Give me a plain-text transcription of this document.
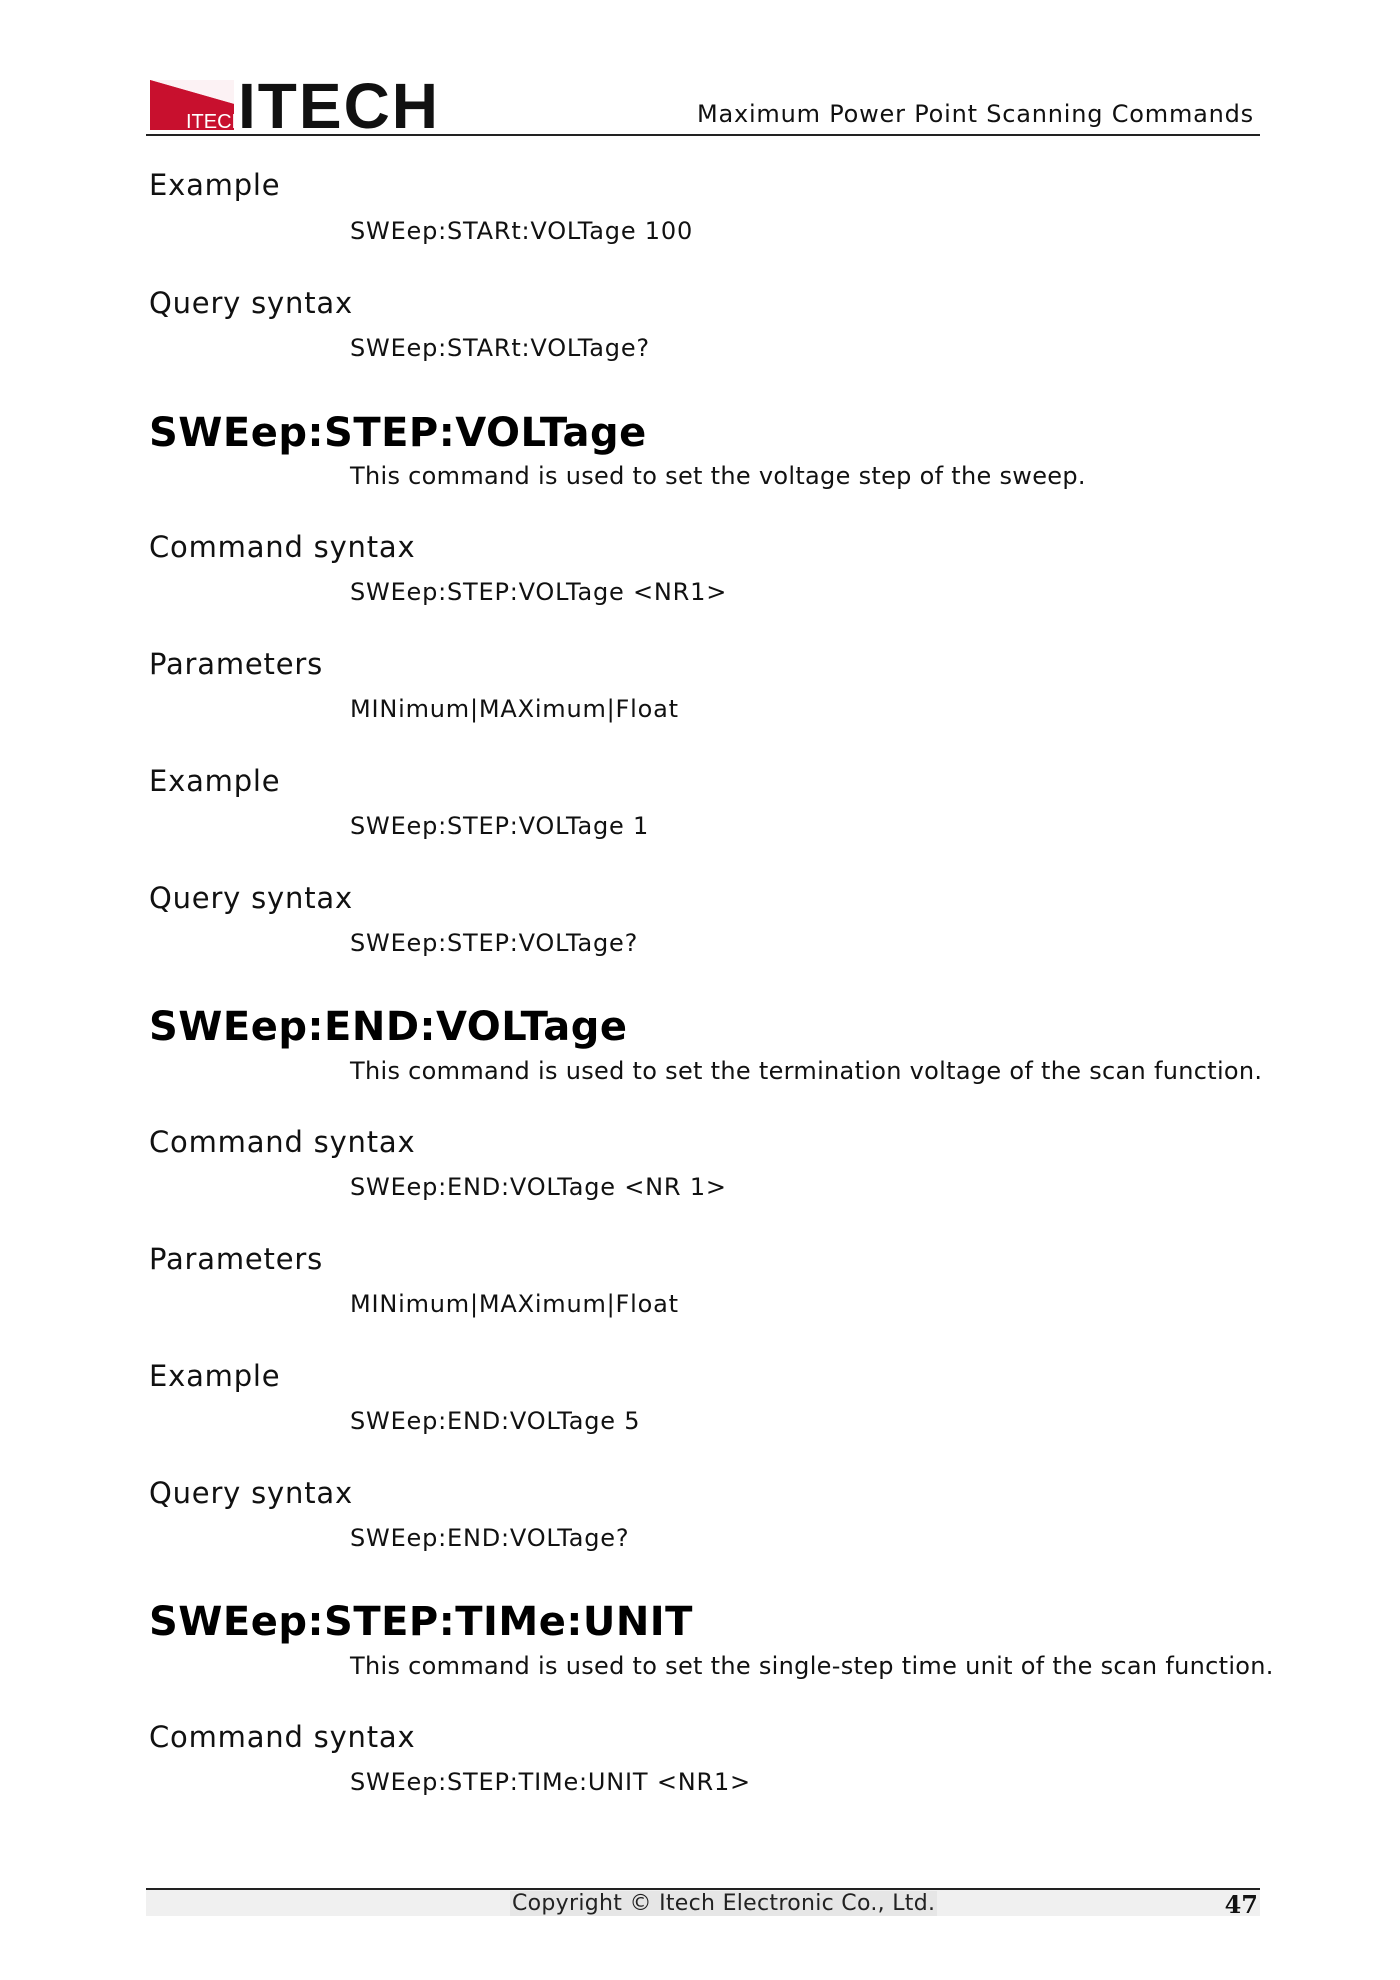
ITECH
ITECH	Maximum Power Point Scanning Commands
Example
SWEep:STARt:VOLTage 100
Query syntax
SWEep:STARt:VOLTage?
SWEep:STEP:VOLTage
This command is used to set the voltage step of the sweep.
Command syntax
SWEep:STEP:VOLTage <NR1>
Parameters
MINimum|MAXimum|Float
Example
SWEep:STEP:VOLTage 1
Query syntax
SWEep:STEP:VOLTage?
SWEep:END:VOLTage
This command is used to set the termination voltage of the scan function.
Command syntax
SWEep:END:VOLTage <NR 1>
Parameters
MINimum|MAXimum|Float
Example
SWEep:END:VOLTage 5
Query syntax
SWEep:END:VOLTage?
SWEep:STEP:TIMe:UNIT
This command is used to set the single-step time unit of the scan function.
Command syntax
SWEep:STEP:TIMe:UNIT <NR1>
Copyright © Itech Electronic Co., Ltd.	47
